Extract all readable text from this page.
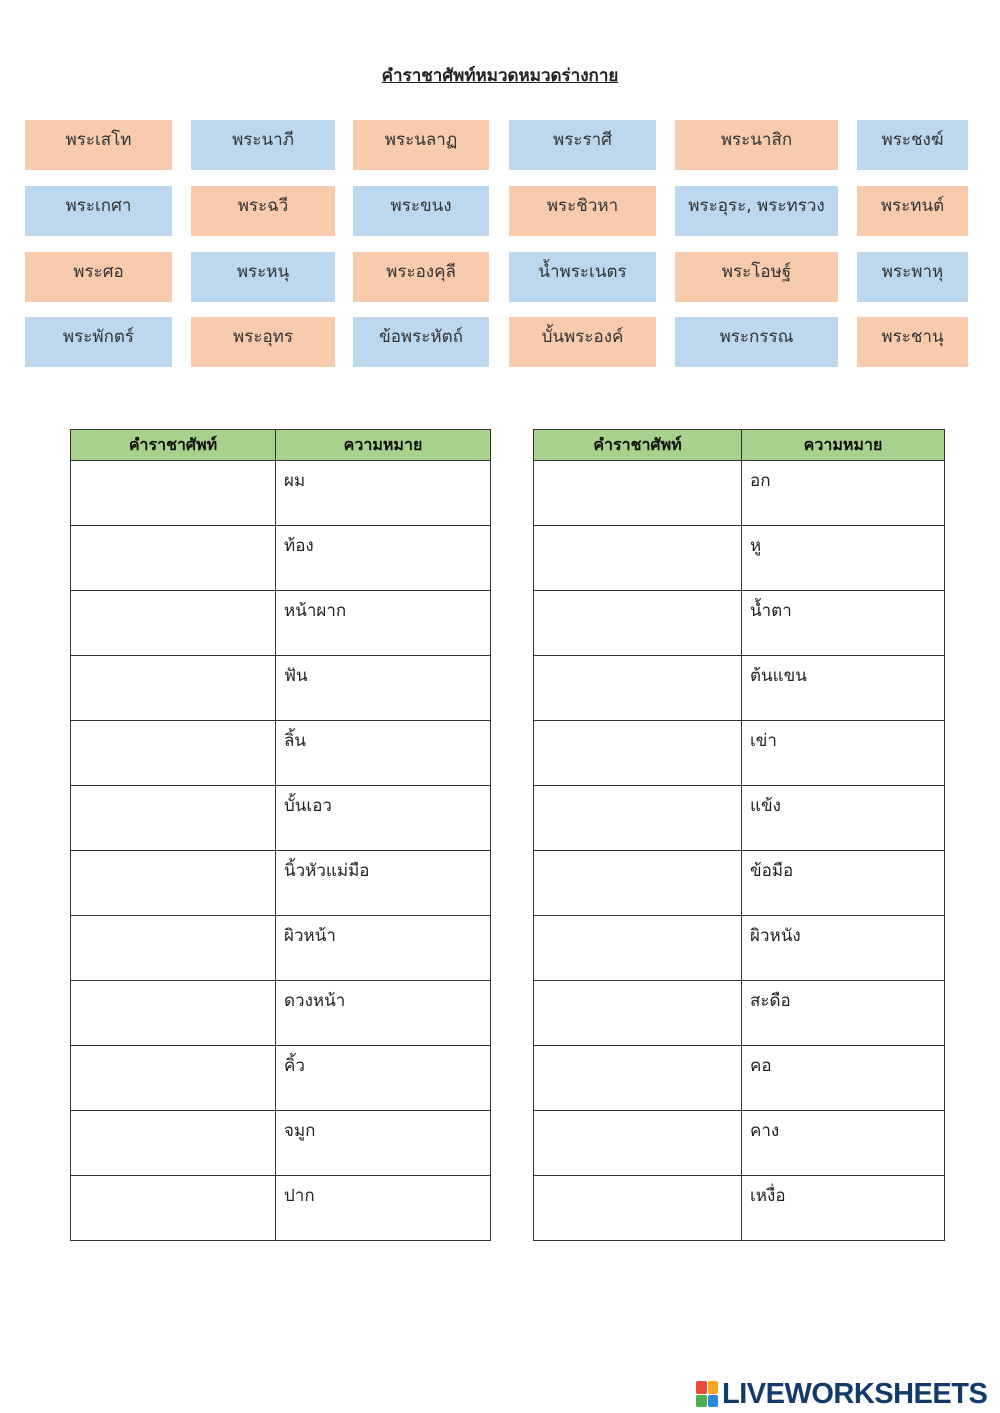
คำราชาศัพท์หมวดหมวดร่างกาย
พระเสโท	พระนาภี	พระนลาฏ	พระราศี	พระนาสิก	พระชงฆ์
พระเกศา	พระฉวี	พระขนง	พระชิวหา	พระอุระ, พระทรวง	พระทนต์
พระศอ	พระหนุ	พระองคุลี	น้ำพระเนตร	พระโอษฐ์	พระพาหุ
พระพักตร์	พระอุทร	ข้อพระหัตถ์	บั้นพระองค์	พระกรรณ	พระชานุ
คำราชาศัพท์	ความหมาย
	ผม
	ท้อง
	หน้าผาก
	ฟัน
	ลิ้น
	บั้นเอว
	นิ้วหัวแม่มือ
	ผิวหน้า
	ดวงหน้า
	คิ้ว
	จมูก
	ปาก
คำราชาศัพท์	ความหมาย
	อก
	หู
	น้ำตา
	ต้นแขน
	เข่า
	แข้ง
	ข้อมือ
	ผิวหนัง
	สะดือ
	คอ
	คาง
	เหงื่อ
LIVEWORKSHEETS
